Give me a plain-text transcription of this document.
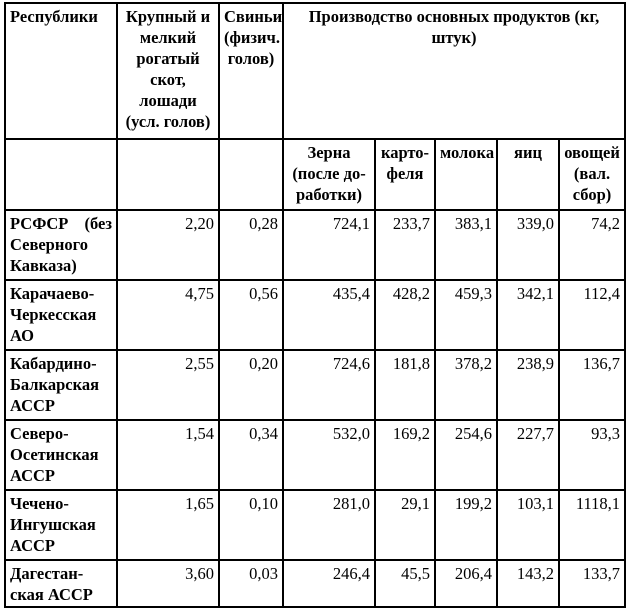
Республики	Крупный и мелкий рогатый скот, лошади (усл. голов)	Свиньи (физич. голов)	Производство основных продуктов (кг, штук)				
			Зерна (после до-работки)	карто-феля	молока	яиц	овощей (вал. сбор)

РСФСР (без
Северного Кавказа)	2,20	0,28	724,1	233,7	383,1	339,0	74,2
Карачаево-Черкесская АО	4,75	0,56	435,4	428,2	459,3	342,1	112,4
Кабардино-Балкарская АССР	2,55	0,20	724,6	181,8	378,2	238,9	136,7
Северо-Осетинская АССР	1,54	0,34	532,0	169,2	254,6	227,7	93,3
Чечено-Ингушская АССР	1,65	0,10	281,0	29,1	199,2	103,1	1118,1
Дагестан-ская АССР	3,60	0,03	246,4	45,5	206,4	143,2	133,7
